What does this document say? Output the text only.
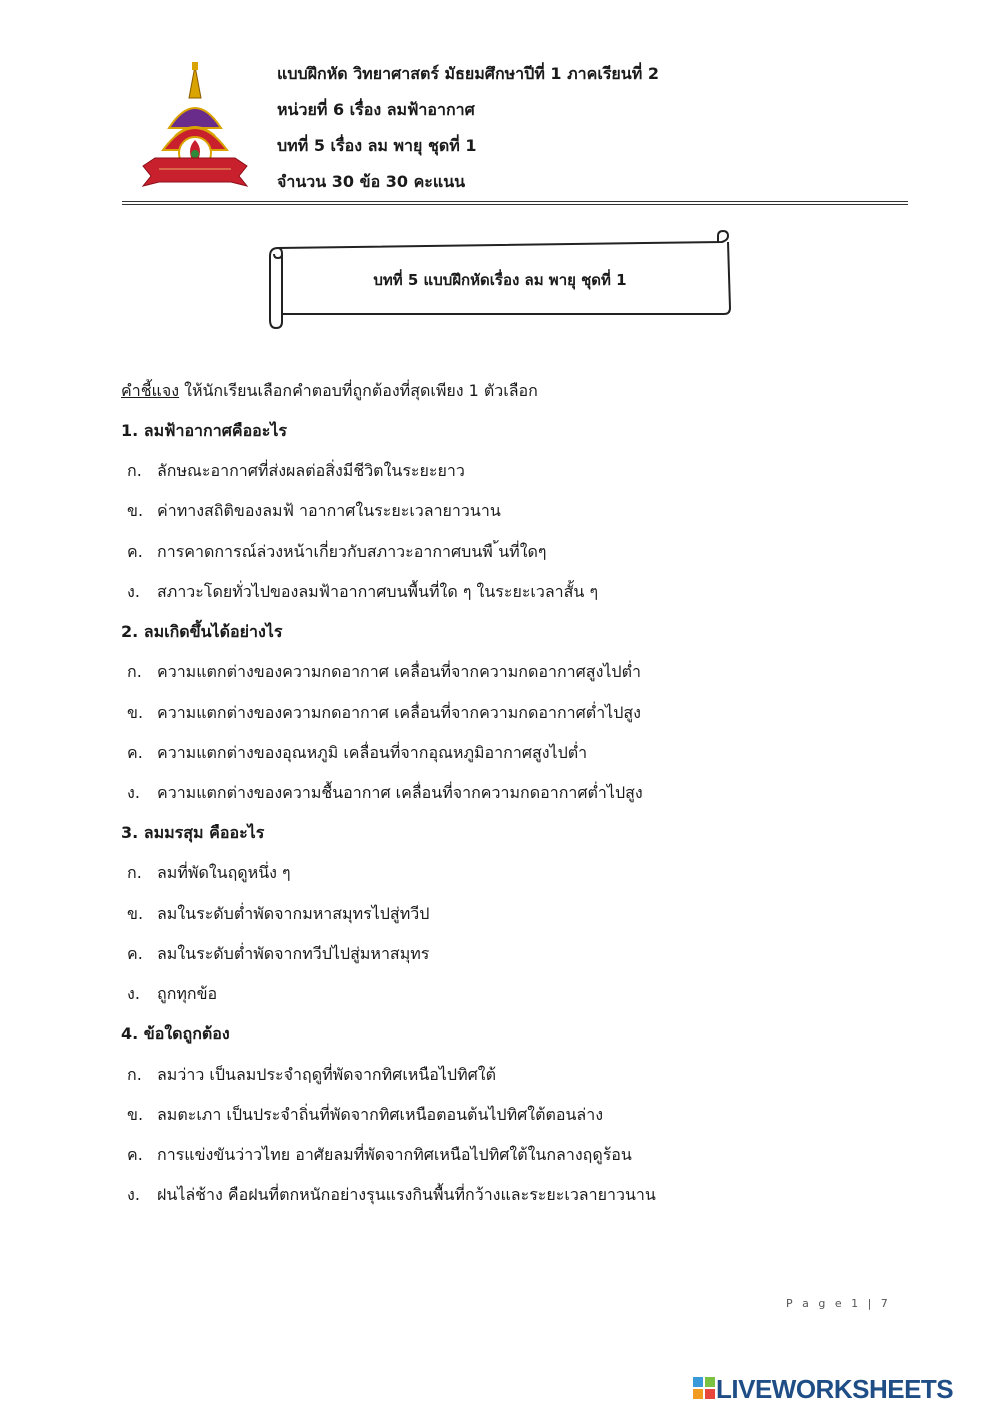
แบบฝึกหัด วิทยาศาสตร์ มัธยมศึกษาปีที่ 1 ภาคเรียนที่ 2
หน่วยที่ 6 เรื่อง ลมฟ้าอากาศ
บทที่ 5 เรื่อง ลม พายุ ชุดที่ 1
จำนวน 30 ข้อ 30 คะแนน
บทที่ 5 แบบฝึกหัดเรื่อง ลม พายุ ชุดที่ 1
คำชี้แจง ให้นักเรียนเลือกคำตอบที่ถูกต้องที่สุดเพียง 1 ตัวเลือก
1. ลมฟ้าอากาศคืออะไร
ก. ลักษณะอากาศที่ส่งผลต่อสิ่งมีชีวิตในระยะยาว
ข. ค่าทางสถิติของลมฟ้ าอากาศในระยะเวลายาวนาน
ค. การคาดการณ์ล่วงหน้าเกี่ยวกับสภาวะอากาศบนพื ้นที่ใดๆ
ง. สภาวะโดยทั่วไปของลมฟ้าอากาศบนพื้นที่ใด ๆ ในระยะเวลาสั้น ๆ
2. ลมเกิดขึ้นได้อย่างไร
ก. ความแตกต่างของความกดอากาศ เคลื่อนที่จากความกดอากาศสูงไปต่ำ
ข. ความแตกต่างของความกดอากาศ เคลื่อนที่จากความกดอากาศต่ำไปสูง
ค. ความแตกต่างของอุณหภูมิ เคลื่อนที่จากอุณหภูมิอากาศสูงไปต่ำ
ง. ความแตกต่างของความชื้นอากาศ เคลื่อนที่จากความกดอากาศต่ำไปสูง
3. ลมมรสุม คืออะไร
ก. ลมที่พัดในฤดูหนึ่ง ๆ
ข. ลมในระดับต่ำพัดจากมหาสมุทรไปสู่ทวีป
ค. ลมในระดับต่ำพัดจากทวีปไปสู่มหาสมุทร
ง. ถูกทุกข้อ
4. ข้อใดถูกต้อง
ก. ลมว่าว เป็นลมประจำฤดูที่พัดจากทิศเหนือไปทิศใต้
ข. ลมตะเภา เป็นประจำถิ่นที่พัดจากทิศเหนือตอนต้นไปทิศใต้ตอนล่าง
ค. การแข่งขันว่าวไทย อาศัยลมที่พัดจากทิศเหนือไปทิศใต้ในกลางฤดูร้อน
ง. ฝนไล่ช้าง คือฝนที่ตกหนักอย่างรุนแรงกินพื้นที่กว้างและระยะเวลายาวนาน
P a g e 1 | 7
LIVEWORKSHEETS
